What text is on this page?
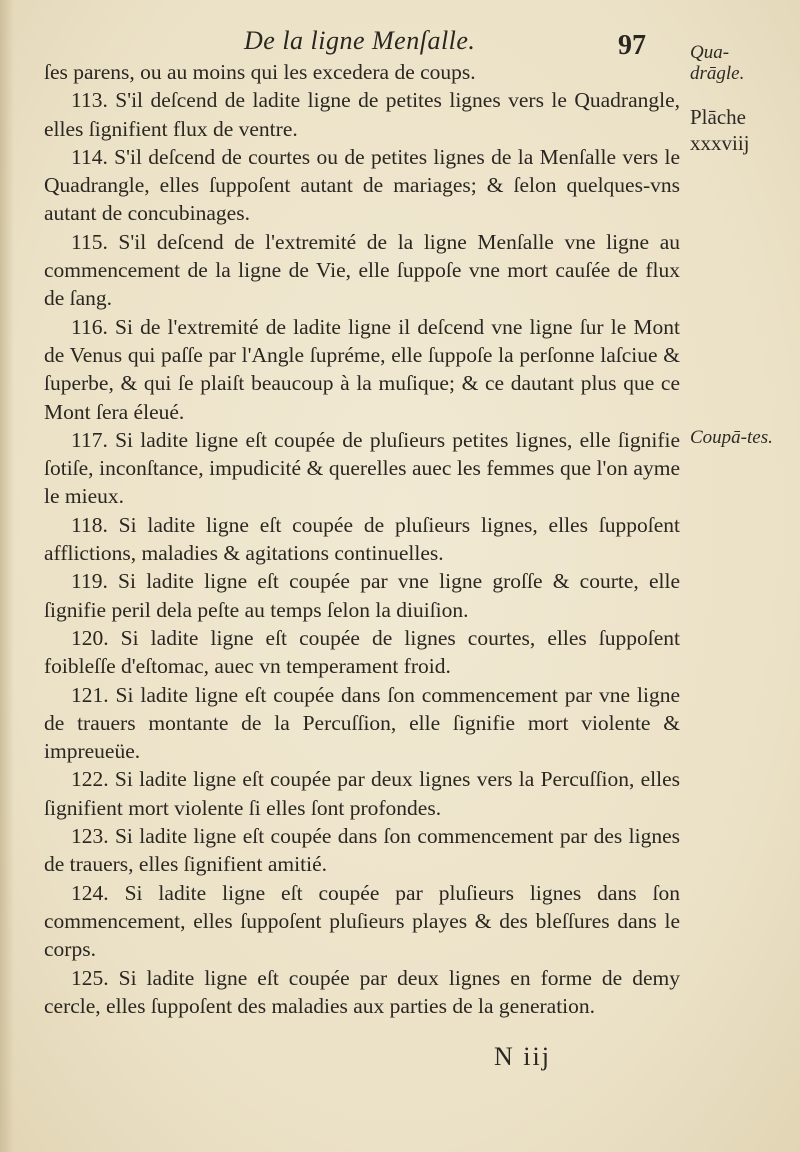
De la ligne Menſalle.	97 Qua-drāgle.
Plāche xxxviij
Coupā-tes.

ſes parens, ou au moins qui les excedera de coups.

113. S'il deſcend de ladite ligne de petites lignes vers le Quadrangle, elles ſignifient flux de ventre.

114. S'il deſcend de courtes ou de petites lignes de la Menſalle vers le Quadrangle, elles ſuppoſent autant de mariages; & ſelon quelques-vns autant de concubinages.

115. S'il deſcend de l'extremité de la ligne Menſalle vne ligne au commencement de la ligne de Vie, elle ſuppoſe vne mort cauſée de flux de ſang.

116. Si de l'extremité de ladite ligne il deſcend vne ligne ſur le Mont de Venus qui paſſe par l'Angle ſupréme, elle ſuppoſe la perſonne laſciue & ſuperbe, & qui ſe plaiſt beaucoup à la muſique; & ce dautant plus que ce Mont ſera éleué.

117. Si ladite ligne eſt coupée de pluſieurs petites lignes, elle ſignifie ſotiſe, inconſtance, impudicité & querelles auec les femmes que l'on ayme le mieux.

118. Si ladite ligne eſt coupée de pluſieurs lignes, elles ſuppoſent afflictions, maladies & agitations continuelles.

119. Si ladite ligne eſt coupée par vne ligne groſſe & courte, elle ſignifie peril dela peſte au temps ſelon la diuiſion.

120. Si ladite ligne eſt coupée de lignes courtes, elles ſuppoſent foibleſſe d'eſtomac, auec vn temperament froid.

121. Si ladite ligne eſt coupée dans ſon commencement par vne ligne de trauers montante de la Percuſſion, elle ſignifie mort violente & impreueüe.

122. Si ladite ligne eſt coupée par deux lignes vers la Percuſſion, elles ſignifient mort violente ſi elles ſont profondes.

123. Si ladite ligne eſt coupée dans ſon commencement par des lignes de trauers, elles ſignifient amitié.

124. Si ladite ligne eſt coupée par pluſieurs lignes dans ſon commencement, elles ſuppoſent pluſieurs playes & des bleſſures dans le corps.

125. Si ladite ligne eſt coupée par deux lignes en forme de demy cercle, elles ſuppoſent des maladies aux parties de la generation.

N iij
